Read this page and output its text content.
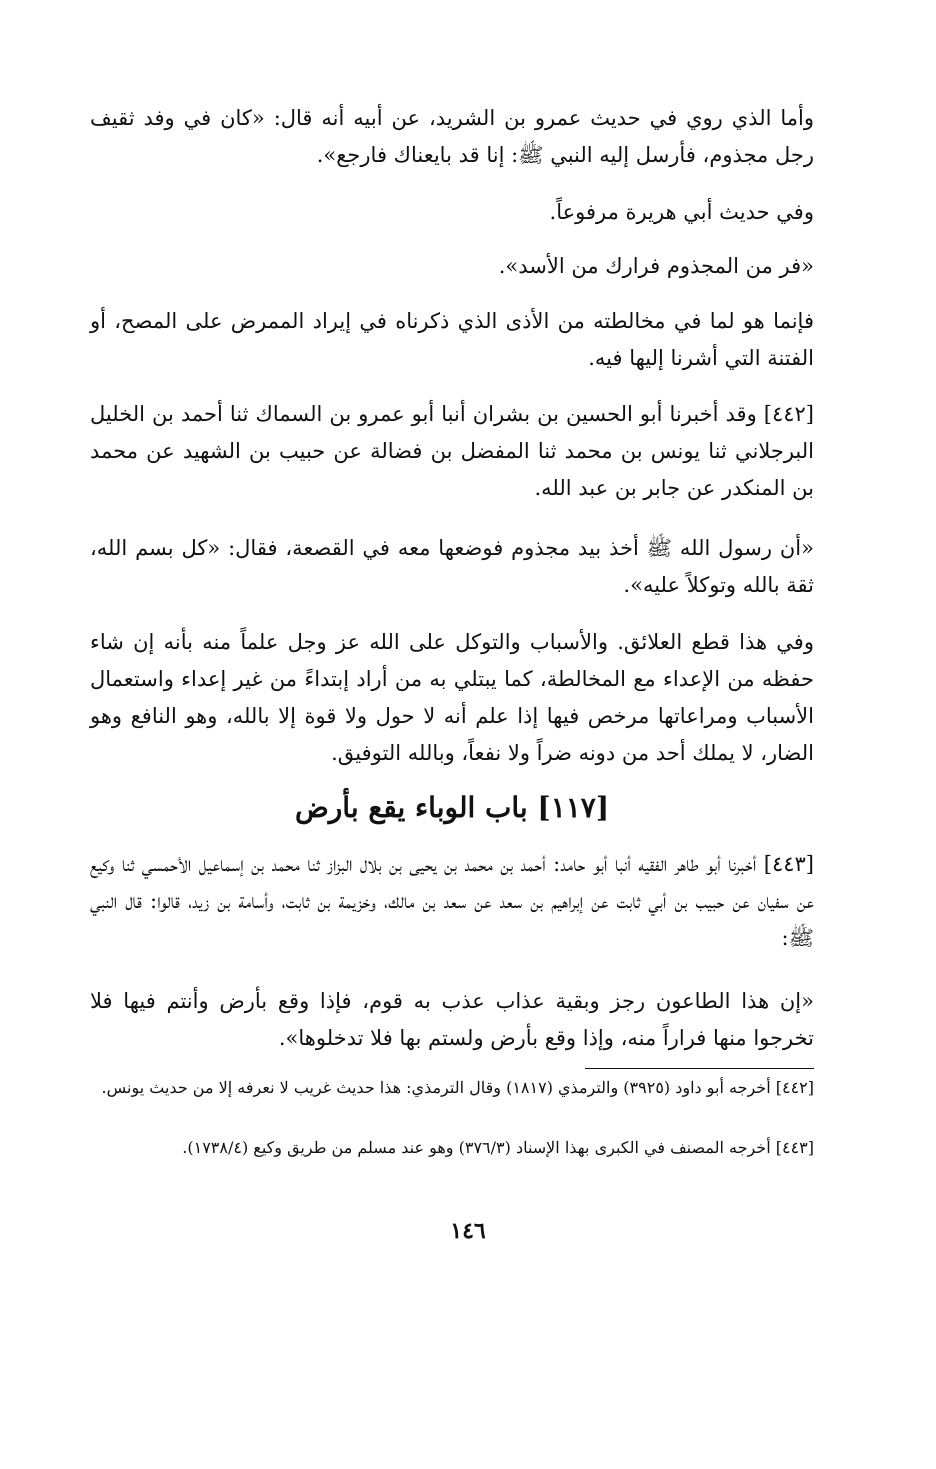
وأما الذي روي في حديث عمرو بن الشريد، عن أبيه أنه قال: «كان في وفد ثقيف رجل مجذوم، فأرسل إليه النبي ﷺ: إنا قد بايعناك فارجع».

وفي حديث أبي هريرة مرفوعاً.

«فر من المجذوم فرارك من الأسد».

فإنما هو لما في مخالطته من الأذى الذي ذكرناه في إيراد الممرض على المصح، أو الفتنة التي أشرنا إليها فيه.

[٤٤٢] وقد أخبرنا أبو الحسين بن بشران أنبا أبو عمرو بن السماك ثنا أحمد بن الخليل البرجلاني ثنا يونس بن محمد ثنا المفضل بن فضالة عن حبيب بن الشهيد عن محمد بن المنكدر عن جابر بن عبد الله.

«أن رسول الله ﷺ أخذ بيد مجذوم فوضعها معه في القصعة، فقال: «كل بسم الله، ثقة بالله وتوكلاً عليه».

وفي هذا قطع العلائق. والأسباب والتوكل على الله عز وجل علماً منه بأنه إن شاء حفظه من الإعداء مع المخالطة، كما يبتلي به من أراد إبتداءً من غير إعداء واستعمال الأسباب ومراعاتها مرخص فيها إذا علم أنه لا حول ولا قوة إلا بالله، وهو النافع وهو الضار، لا يملك أحد من دونه ضراً ولا نفعاً، وبالله التوفيق.

[١١٧] باب الوباء يقع بأرض

[٤٤٣] أخبرنا أبو طاهر الفقيه أنبا أبو حامد: أحمد بن محمد بن يحيى بن بلال البزاز ثنا محمد بن إسماعيل الأحمسي ثنا وكيع عن سفيان عن حبيب بن أبي ثابت عن إبراهيم بن سعد عن سعد بن مالك، وخزيمة بن ثابت، وأسامة بن زيد، قالوا: قال النبي ﷺ:

«إن هذا الطاعون رجز وبقية عذاب عذب به قوم، فإذا وقع بأرض وأنتم فيها فلا تخرجوا منها فراراً منه، وإذا وقع بأرض ولستم بها فلا تدخلوها».

[٤٤٢] أخرجه أبو داود (٣٩٢٥) والترمذي (١٨١٧) وقال الترمذي: هذا حديث غريب لا نعرفه إلا من حديث يونس.

[٤٤٣] أخرجه المصنف في الكبرى بهذا الإسناد (٣٧٦/٣) وهو عند مسلم من طريق وكيع (١٧٣٨/٤).

١٤٦
